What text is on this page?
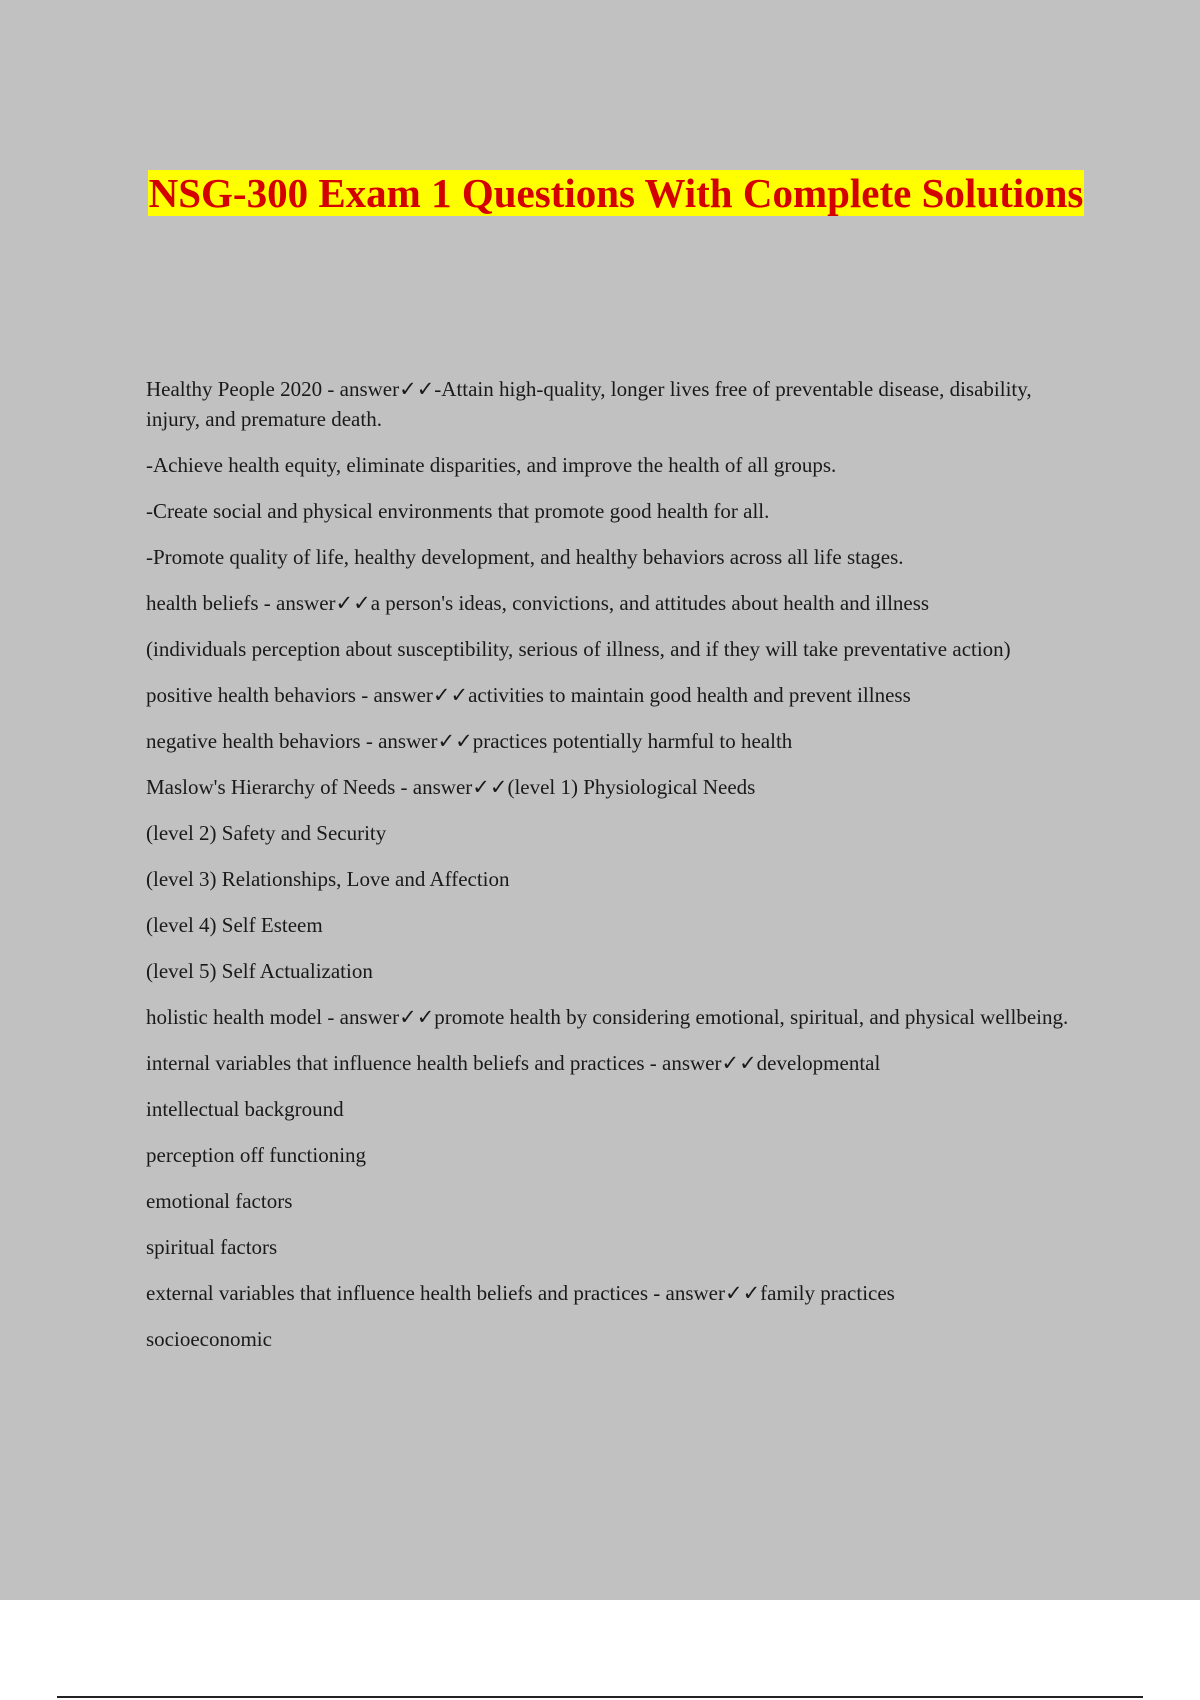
NSG-300 Exam 1 Questions With Complete Solutions

Healthy People 2020 - answer✓✓-Attain high-quality, longer lives free of preventable disease, disability, injury, and premature death.

-Achieve health equity, eliminate disparities, and improve the health of all groups.

-Create social and physical environments that promote good health for all.

-Promote quality of life, healthy development, and healthy behaviors across all life stages.

health beliefs - answer✓✓a person's ideas, convictions, and attitudes about health and illness

(individuals perception about susceptibility, serious of illness, and if they will take preventative action)

positive health behaviors - answer✓✓activities to maintain good health and prevent illness

negative health behaviors - answer✓✓practices potentially harmful to health

Maslow's Hierarchy of Needs - answer✓✓(level 1) Physiological Needs

(level 2) Safety and Security

(level 3) Relationships, Love and Affection

(level 4) Self Esteem

(level 5) Self Actualization

holistic health model - answer✓✓promote health by considering emotional, spiritual, and physical wellbeing.

internal variables that influence health beliefs and practices - answer✓✓developmental

intellectual background

perception off functioning

emotional factors

spiritual factors

external variables that influence health beliefs and practices - answer✓✓family practices

socioeconomic
